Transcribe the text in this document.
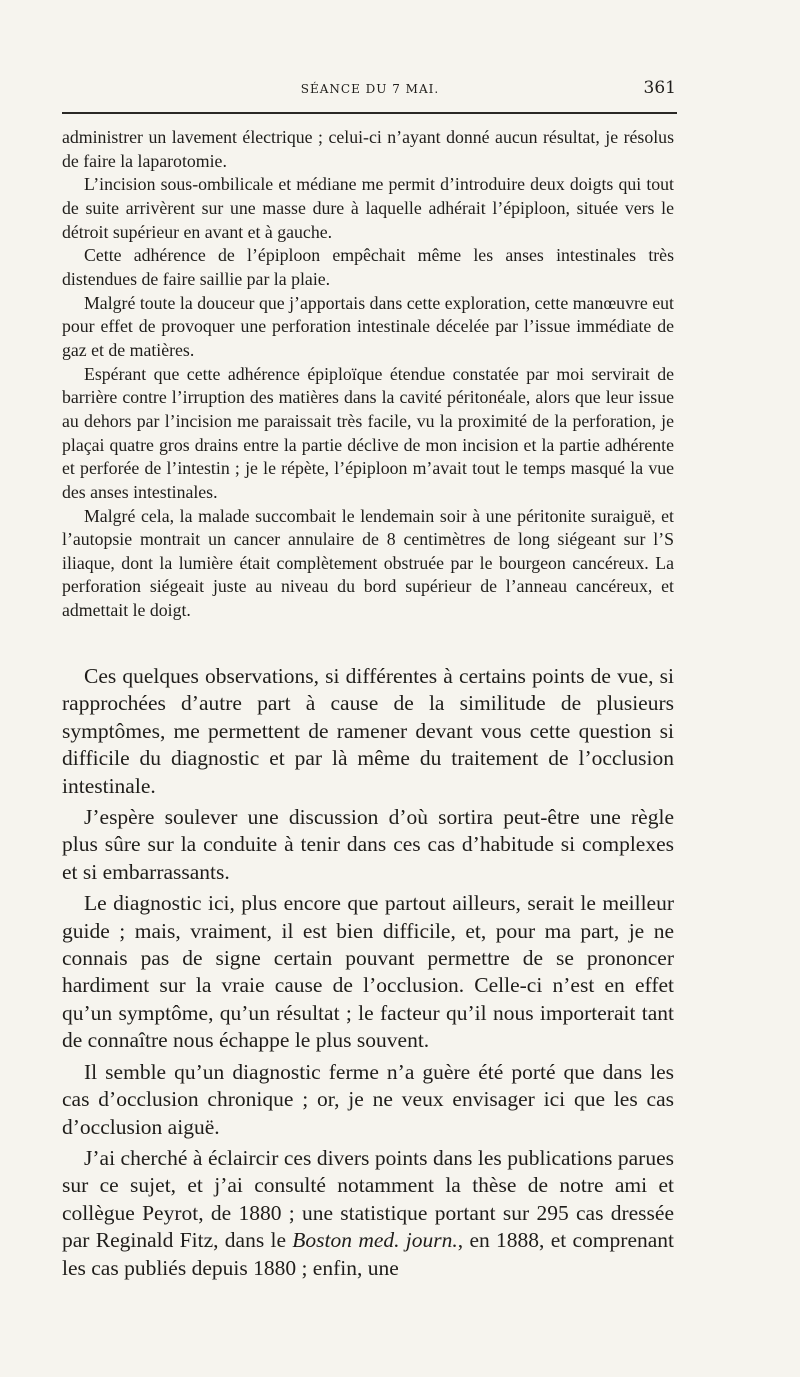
SÉANCE DU 7 MAI.	361

administrer un lavement électrique ; celui-ci n’ayant donné aucun résultat, je résolus de faire la laparotomie.

L’incision sous-ombilicale et médiane me permit d’introduire deux doigts qui tout de suite arrivèrent sur une masse dure à laquelle adhérait l’épiploon, située vers le détroit supérieur en avant et à gauche.

Cette adhérence de l’épiploon empêchait même les anses intestinales très distendues de faire saillie par la plaie.

Malgré toute la douceur que j’apportais dans cette exploration, cette manœuvre eut pour effet de provoquer une perforation intestinale décelée par l’issue immédiate de gaz et de matières.

Espérant que cette adhérence épiploïque étendue constatée par moi servirait de barrière contre l’irruption des matières dans la cavité péritonéale, alors que leur issue au dehors par l’incision me paraissait très facile, vu la proximité de la perforation, je plaçai quatre gros drains entre la partie déclive de mon incision et la partie adhérente et perforée de l’intestin ; je le répète, l’épiploon m’avait tout le temps masqué la vue des anses intestinales.

Malgré cela, la malade succombait le lendemain soir à une péritonite suraiguë, et l’autopsie montrait un cancer annulaire de 8 centimètres de long siégeant sur l’S iliaque, dont la lumière était complètement obstruée par le bourgeon cancéreux. La perforation siégeait juste au niveau du bord supérieur de l’anneau cancéreux, et admettait le doigt.

Ces quelques observations, si différentes à certains points de vue, si rapprochées d’autre part à cause de la similitude de plusieurs symptômes, me permettent de ramener devant vous cette question si difficile du diagnostic et par là même du traitement de l’occlusion intestinale.

J’espère soulever une discussion d’où sortira peut-être une règle plus sûre sur la conduite à tenir dans ces cas d’habitude si complexes et si embarrassants.

Le diagnostic ici, plus encore que partout ailleurs, serait le meilleur guide ; mais, vraiment, il est bien difficile, et, pour ma part, je ne connais pas de signe certain pouvant permettre de se prononcer hardiment sur la vraie cause de l’occlusion. Celle-ci n’est en effet qu’un symptôme, qu’un résultat ; le facteur qu’il nous importerait tant de connaître nous échappe le plus souvent.

Il semble qu’un diagnostic ferme n’a guère été porté que dans les cas d’occlusion chronique ; or, je ne veux envisager ici que les cas d’occlusion aiguë.

J’ai cherché à éclaircir ces divers points dans les publications parues sur ce sujet, et j’ai consulté notamment la thèse de notre ami et collègue Peyrot, de 1880 ; une statistique portant sur 295 cas dressée par Reginald Fitz, dans le Boston med. journ., en 1888, et comprenant les cas publiés depuis 1880 ; enfin, une
